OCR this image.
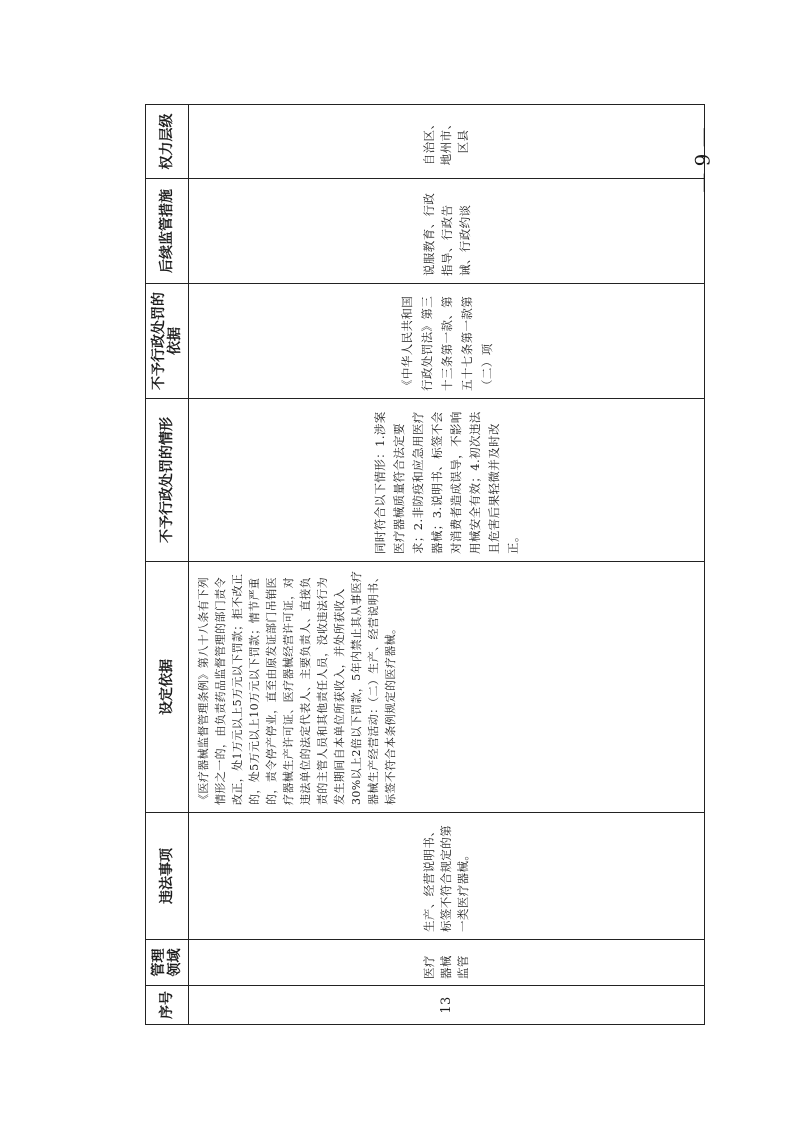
序号	管理领域	违法事项	设定依据	不予行政处罚的情形	不予行政处罚的依据	后续监管措施	权力层级
13	医疗器械监管	生产、经营说明书、标签不符合规定的第一类医疗器械。	《医疗器械监督管理条例》第八十八条有下列情形之一的，由负责药品监督管理的部门责令改正，处1万元以上5万元以下罚款；拒不改正的，处5万元以上10万元以下罚款；情节严重的，责令停产停业，直至由原发证部门吊销医疗器械生产许可证、医疗器械经营许可证，对违法单位的法定代表人、主要负责人、直接负责的主管人员和其他责任人员，没收违法行为发生期间自本单位所获收入，并处所获收入30%以上2倍以下罚款，5年内禁止其从事医疗器械生产经营活动：（二）生产、经营说明书、标签不符合本条例规定的医疗器械。	同时符合以下情形：1.涉案医疗器械质量符合法定要求；2.非防疫和应急用医疗器械；3.说明书、标签不会对消费者造成误导，不影响用械安全有效；4.初次违法且危害后果轻微并及时改正。	《中华人民共和国行政处罚法》第三十三条第一款、第五十七条第一款第（二）项	说服教育、行政指导、行政告诫、行政约谈	自治区、地州市、区县	— 9 —
